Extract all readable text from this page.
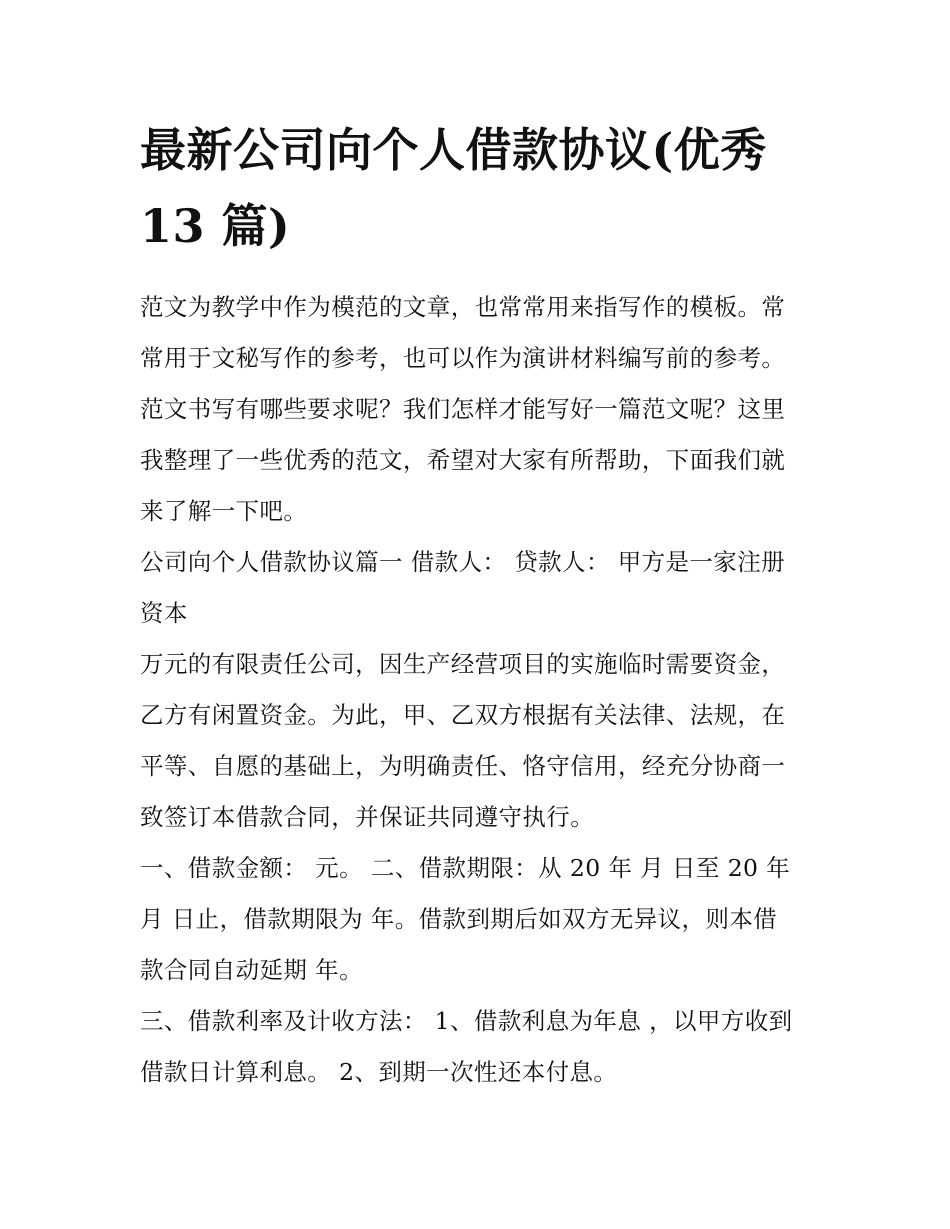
最新公司向个人借款协议(优秀
13 篇)

范文为教学中作为模范的文章，也常常用来指写作的模板。常
常用于文秘写作的参考，也可以作为演讲材料编写前的参考。
范文书写有哪些要求呢？我们怎样才能写好一篇范文呢？这里
我整理了一些优秀的范文，希望对大家有所帮助，下面我们就
来了解一下吧。

公司向个人借款协议篇一 借款人： 贷款人： 甲方是一家注册
资本

万元的有限责任公司，因生产经营项目的实施临时需要资金，
乙方有闲置资金。为此，甲、乙双方根据有关法律、法规，在
平等、自愿的基础上，为明确责任、恪守信用，经充分协商一
致签订本借款合同，并保证共同遵守执行。

一、借款金额： 元。 二、借款期限：从 20 年 月 日至 20 年
月 日止，借款期限为 年。借款到期后如双方无异议，则本借
款合同自动延期 年。

三、借款利率及计收方法： 1、借款利息为年息 ，以甲方收到
借款日计算利息。 2、到期一次性还本付息。
